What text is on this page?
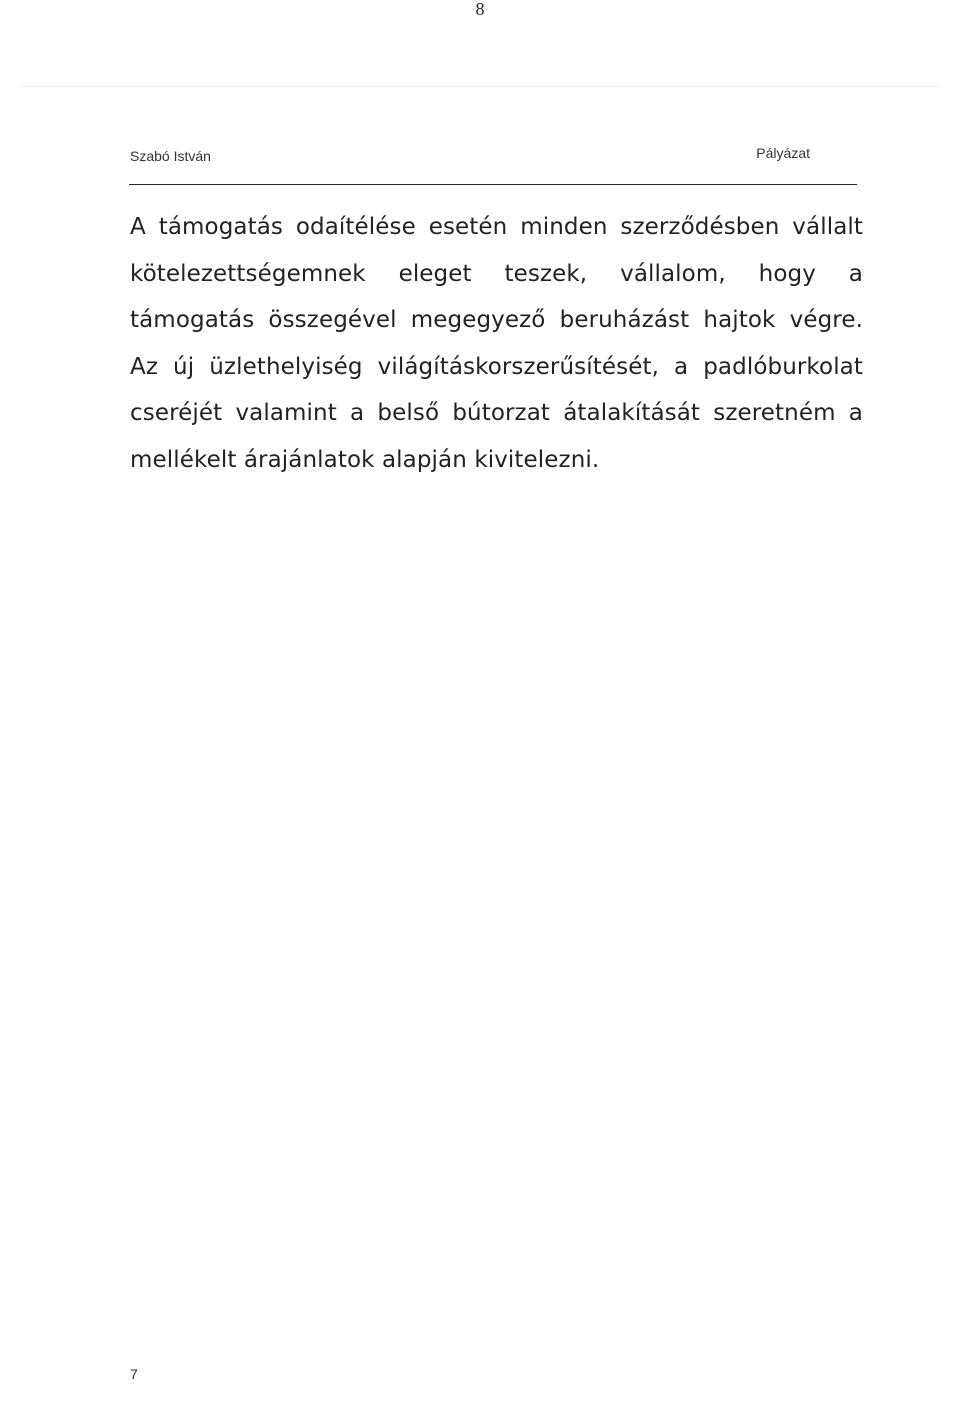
8
Szabó István	Pályázat

A támogatás odaítélése esetén minden szerződésben vállalt kötelezettségemnek eleget teszek, vállalom, hogy a támogatás összegével megegyező beruházást hajtok végre. Az új üzlethelyiség világításkorszerűsítését, a padlóburkolat cseréjét valamint a belső bútorzat átalakítását szeretném a mellékelt árajánlatok alapján kivitelezni.

7
